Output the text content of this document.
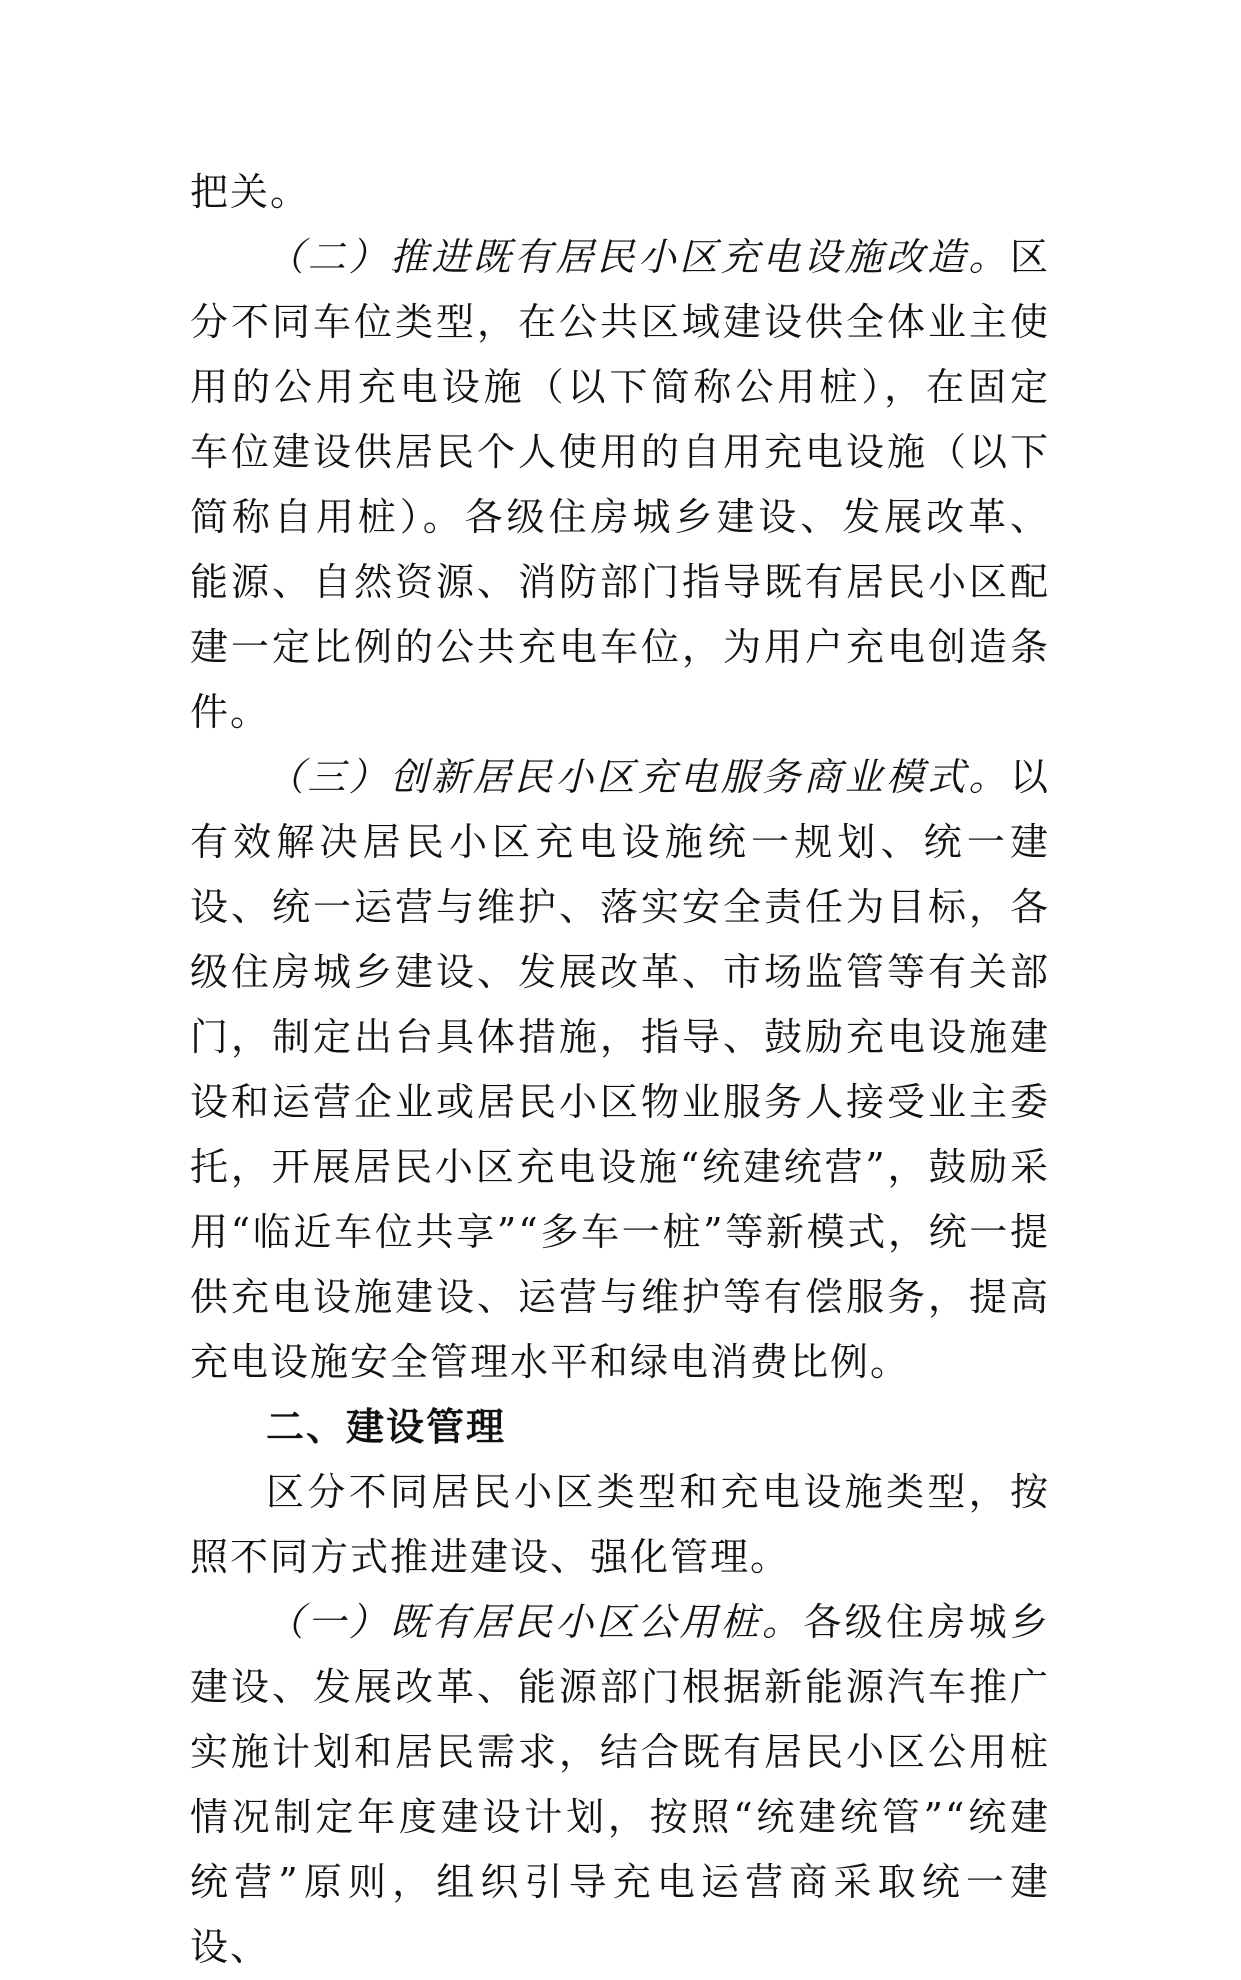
把关。

（二）推进既有居民小区充电设施改造。区分不同车位类型，在公共区域建设供全体业主使用的公用充电设施（以下简称公用桩），在固定车位建设供居民个人使用的自用充电设施（以下简称自用桩）。各级住房城乡建设、发展改革、能源、自然资源、消防部门指导既有居民小区配建一定比例的公共充电车位，为用户充电创造条件。

（三）创新居民小区充电服务商业模式。以有效解决居民小区充电设施统一规划、统一建设、统一运营与维护、落实安全责任为目标，各级住房城乡建设、发展改革、市场监管等有关部门，制定出台具体措施，指导、鼓励充电设施建设和运营企业或居民小区物业服务人接受业主委托，开展居民小区充电设施“统建统营”，鼓励采用“临近车位共享”“多车一桩”等新模式，统一提供充电设施建设、运营与维护等有偿服务，提高充电设施安全管理水平和绿电消费比例。

二、建设管理

区分不同居民小区类型和充电设施类型，按照不同方式推进建设、强化管理。

（一）既有居民小区公用桩。各级住房城乡建设、发展改革、能源部门根据新能源汽车推广实施计划和居民需求，结合既有居民小区公用桩情况制定年度建设计划，按照“统建统管”“统建统营”原则，组织引导充电运营商采取统一建设、
